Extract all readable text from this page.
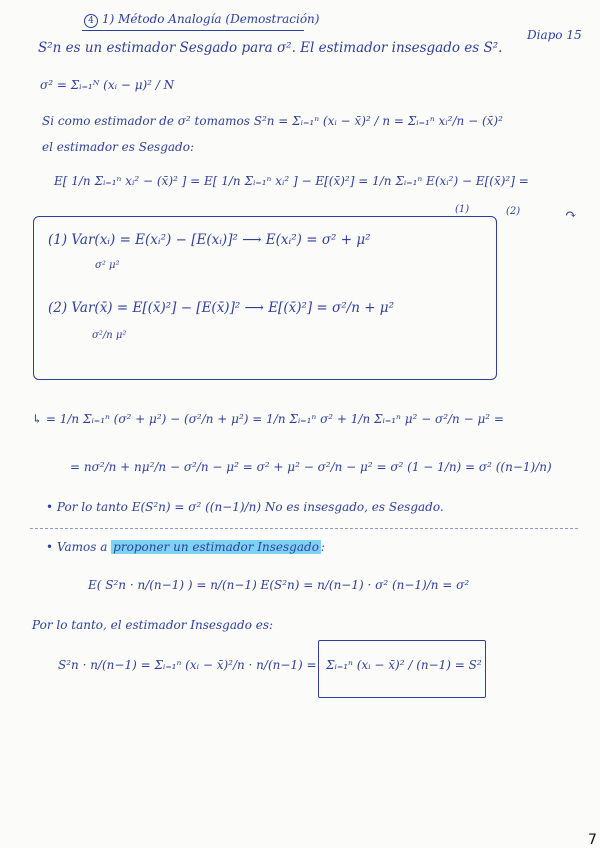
4 1) Método Analogía (Demostración)
Diapo 15
S²n es un estimador Sesgado para σ². El estimador insesgado es S².
σ² = Σᵢ₌₁ᴺ (xᵢ − μ)² / N
Si como estimador de σ² tomamos S²n = Σᵢ₌₁ⁿ (xᵢ − x̄)² / n = Σᵢ₌₁ⁿ xᵢ²/n − (x̄)²
el estimador es Sesgado:
E[ 1/n Σᵢ₌₁ⁿ xᵢ² − (x̄)² ] = E[ 1/n Σᵢ₌₁ⁿ xᵢ² ] − E[(x̄)²] = 1/n Σᵢ₌₁ⁿ E(xᵢ²) − E[(x̄)²] =
(1)	(2)	↷
(1) Var(xᵢ) = E(xᵢ²) − [E(xᵢ)]² ⟶ E(xᵢ²) = σ² + μ²
σ² μ²
(2) Var(x̄) = E[(x̄)²] − [E(x̄)]² ⟶ E[(x̄)²] = σ²/n + μ²
σ²/n μ²
↳ = 1/n Σᵢ₌₁ⁿ (σ² + μ²) − (σ²/n + μ²) = 1/n Σᵢ₌₁ⁿ σ² + 1/n Σᵢ₌₁ⁿ μ² − σ²/n − μ² =
= nσ²/n + nμ²/n − σ²/n − μ² = σ² + μ² − σ²/n − μ² = σ² (1 − 1/n) = σ² ((n−1)/n)
• Por lo tanto E(S²n) = σ² ((n−1)/n) No es insesgado, es Sesgado.
• Vamos a proponer un estimador Insesgado :
E( S²n · n/(n−1) ) = n/(n−1) E(S²n) = n/(n−1) · σ² (n−1)/n = σ²
Por lo tanto, el estimador Insesgado es:
S²n · n/(n−1) = Σᵢ₌₁ⁿ (xᵢ − x̄)²/n · n/(n−1) = Σᵢ₌₁ⁿ (xᵢ − x̄)² / (n−1) = S²
7
